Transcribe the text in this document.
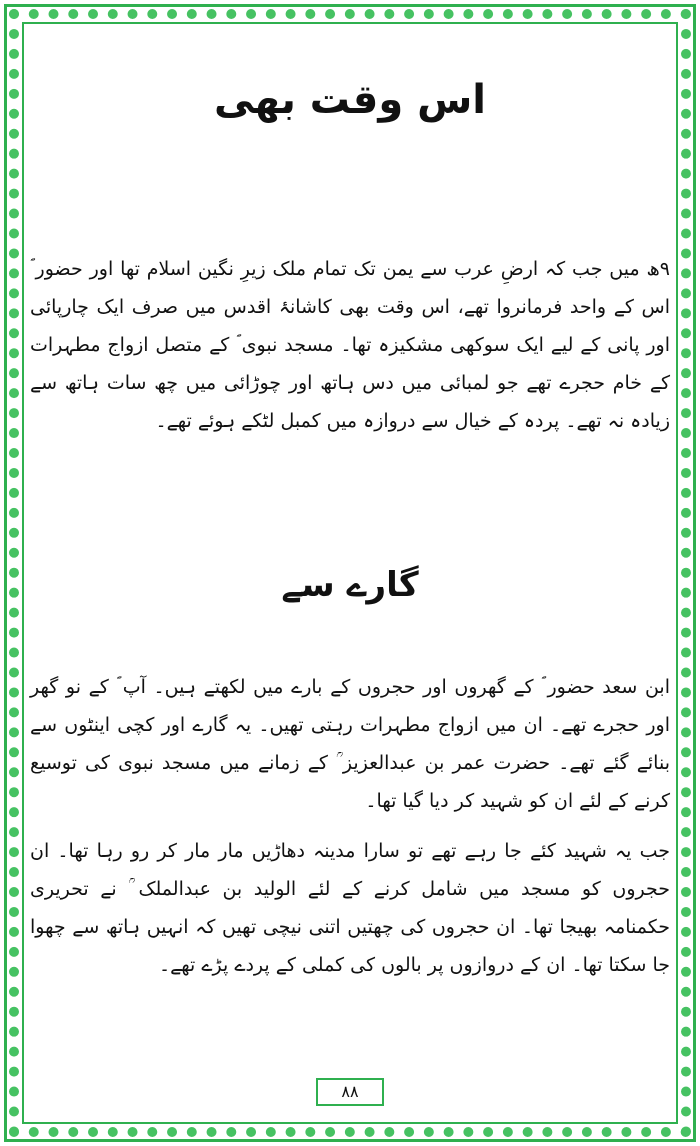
اس وقت بھی

۹ھ میں جب کہ ارضِ عرب سے یمن تک تمام ملک زیرِ نگین اسلام تھا اور حضور ؐ اس کے واحد فرمانروا تھے، اس وقت بھی کاشانۂ اقدس میں صرف ایک چارپائی اور پانی کے لیے ایک سوکھی مشکیزہ تھا۔ مسجد نبوی ؐ کے متصل ازواج مطہرات کے خام حجرے تھے جو لمبائی میں دس ہاتھ اور چوڑائی میں چھ سات ہاتھ سے زیادہ نہ تھے۔ پردہ کے خیال سے دروازہ میں کمبل لٹکے ہوئے تھے۔

گارے سے

ابن سعد حضور ؐ کے گھروں اور حجروں کے بارے میں لکھتے ہیں۔ آپ ؐ کے نو گھر اور حجرے تھے۔ ان میں ازواج مطہرات رہتی تھیں۔ یہ گارے اور کچی اینٹوں سے بنائے گئے تھے۔ حضرت عمر بن عبدالعزیز ؒ کے زمانے میں مسجد نبوی کی توسیع کرنے کے لئے ان کو شہید کر دیا گیا تھا۔

جب یہ شہید کئے جا رہے تھے تو سارا مدینہ دھاڑیں مار مار کر رو رہا تھا۔ ان حجروں کو مسجد میں شامل کرنے کے لئے الولید بن عبدالملک ؒ نے تحریری حکمنامہ بھیجا تھا۔ ان حجروں کی چھتیں اتنی نیچی تھیں کہ انہیں ہاتھ سے چھوا جا سکتا تھا۔ ان کے دروازوں پر بالوں کی کملی کے پردے پڑے تھے۔

۸۸
